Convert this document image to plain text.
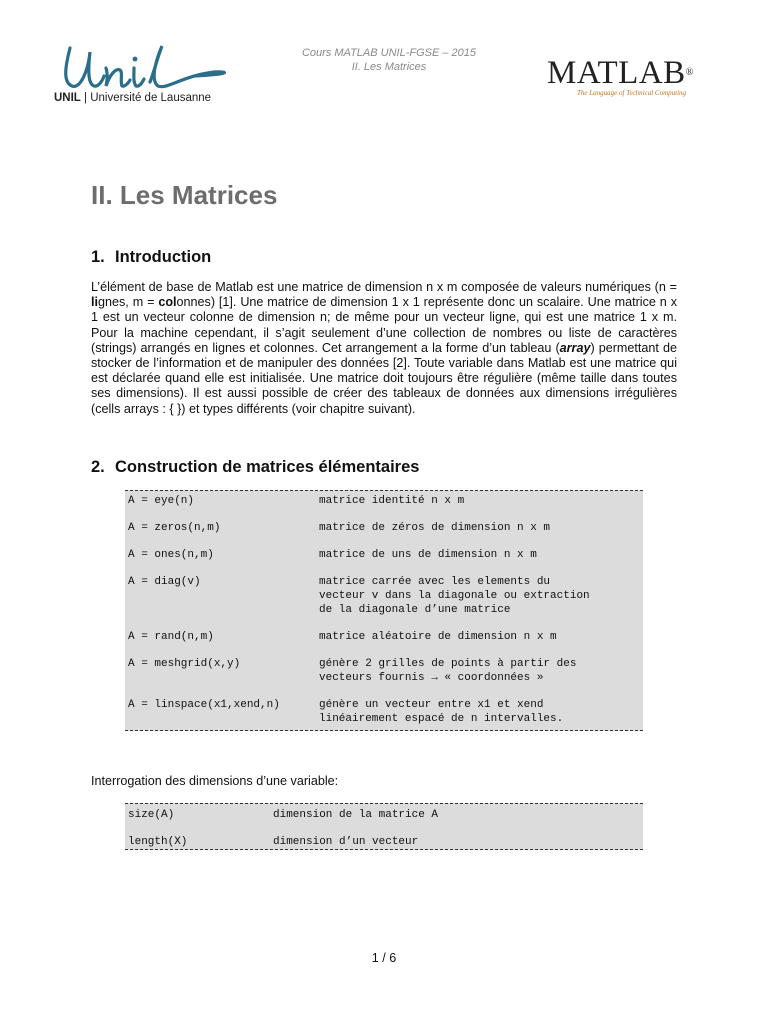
UNIL | Université de Lausanne
Cours MATLAB UNIL-FGSE – 2015
II. Les Matrices	MATLAB®
The Language of Technical Computing
II. Les Matrices
1. Introduction
L’élément de base de Matlab est une matrice de dimension n x m composée de valeurs numériques (n = lignes, m = colonnes) [1]. Une matrice de dimension 1 x 1 représente donc un scalaire. Une matrice n x 1 est un vecteur colonne de dimension n; de même pour un vecteur ligne, qui est une matrice 1 x m. Pour la machine cependant, il s’agit seulement d’une collection de nombres ou liste de caractères (strings) arrangés en lignes et colonnes. Cet arrangement a la forme d’un tableau (array) permettant de stocker de l’information et de manipuler des données [2]. Toute variable dans Matlab est une matrice qui est déclarée quand elle est initialisée. Une matrice doit toujours être régulière (même taille dans toutes ses dimensions). Il est aussi possible de créer des tableaux de données aux dimensions irrégulières (cells arrays : { }) et types différents (voir chapitre suivant).
2. Construction de matrices élémentaires
A = eye(n)	matrice identité n x m
A = zeros(n,m)	matrice de zéros de dimension n x m
A = ones(n,m)	matrice de uns de dimension n x m
A = diag(v)	matrice carrée avec les elements du
vecteur v dans la diagonale ou extraction
de la diagonale d’une matrice
A = rand(n,m)	matrice aléatoire de dimension n x m
A = meshgrid(x,y)	génère 2 grilles de points à partir des
vecteurs fournis → « coordonnées »
A = linspace(x1,xend,n)	génère un vecteur entre x1 et xend
linéairement espacé de n intervalles.
Interrogation des dimensions d’une variable:
size(A)	dimension de la matrice A
length(X)	dimension d’un vecteur
1 / 6
